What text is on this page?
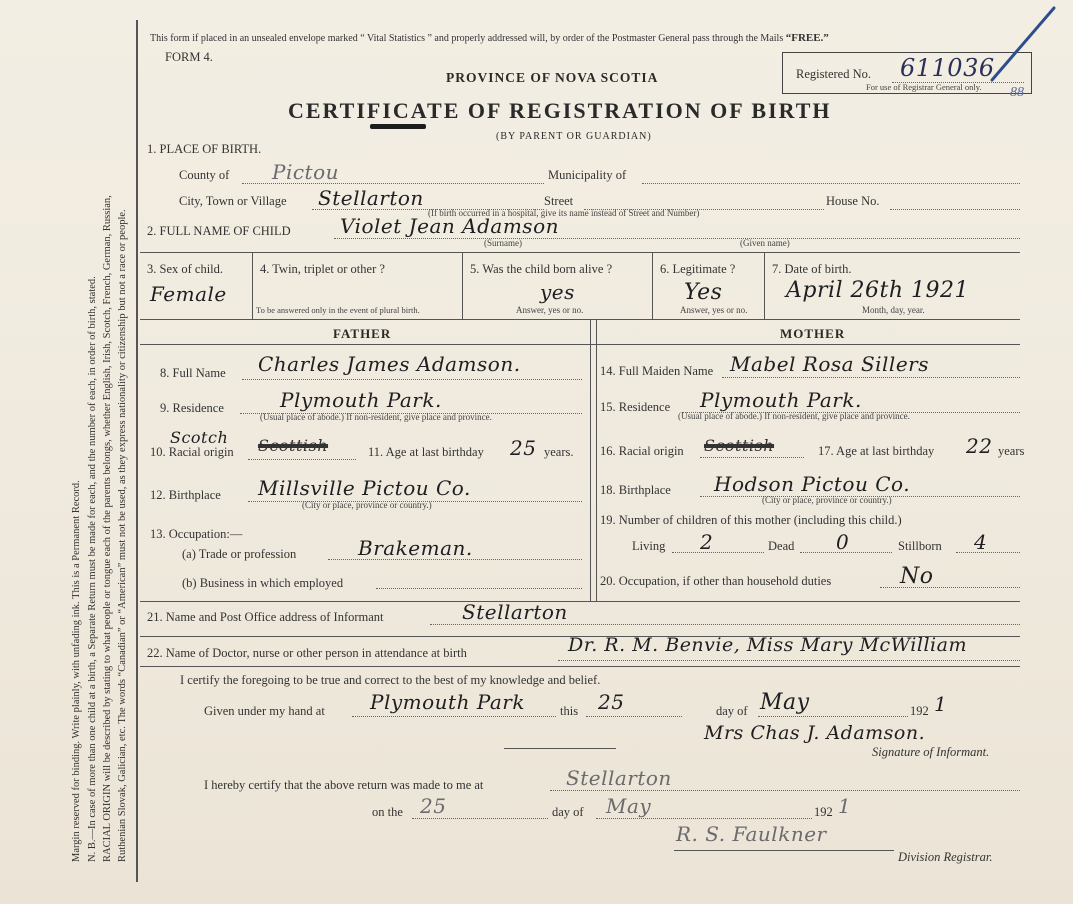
Margin reserved for binding. Write plainly, with unfading ink. This is a Permanent Record. N. B.—In case of more than one child at a birth, a Separate Return must be made for each, and the number of each, in order of birth, stated. RACIAL ORIGIN will be described by stating to what people or tongue each of the parents belongs, whether English, Irish, Scotch, French, German, Russian, Ruthenian Slovak, Galician, etc. The words “Canadian” or “American” must not be used, as they express nationality or citizenship but not a race or people.
This form if placed in an unsealed envelope marked “ Vital Statistics ” and properly addressed will, by order of the Postmaster General pass through the Mails “FREE.”
FORM 4.
PROVINCE OF NOVA SCOTIA
CERTIFICATE OF REGISTRATION OF BIRTH
(BY PARENT OR GUARDIAN)
Registered No. 611036
For use of Registrar General only. 88
1. PLACE OF BIRTH.
County of Pictou	Municipality of
City, Town or Village Stellarton	Street	House No.
(If birth occurred in a hospital, give its name instead of Street and Number)
2. FULL NAME OF CHILD Violet Jean Adamson
(Surname)	(Given name)
3. Sex of child.
Female
4. Twin, triplet or other ?
To be answered only in the event of plural birth.
5. Was the child born alive ?
yes
Answer, yes or no.
6. Legitimate ?
Yes
Answer, yes or no.
7. Date of birth.
April 26th 1921
Month, day, year.
FATHER	MOTHER
8. Full Name Charles James Adamson.
9. Residence	Plymouth Park.
(Usual place of abode.) If non-resident, give place and province.
Scotch
10. Racial origin Scottish	11. Age at last birthday 25 years.
12. Birthplace Millsville Pictou Co.
(City or place, province or country.)
13. Occupation:—
(a) Trade or profession	Brakeman.
(b) Business in which employed
14. Full Maiden Name Mabel Rosa Sillers
15. Residence Plymouth Park.
(Usual place of abode.) If non-resident, give place and province.
16. Racial origin Scottish	17. Age at last birthday 22 years
18. Birthplace Hodson Pictou Co.
(City or place, province or country.)
19. Number of children of this mother (including this child.)
Living 2	Dead 0	Stillborn 4
20. Occupation, if other than household duties	No
21. Name and Post Office address of Informant	Stellarton
22. Name of Doctor, nurse or other person in attendance at birth	Dr. R. M. Benvie, Miss Mary McWilliam
I certify the foregoing to be true and correct to the best of my knowledge and belief.
Given under my hand at Plymouth Park	this 25	day of May	192 1
Mrs Chas J. Adamson.
Signature of Informant.
I hereby certify that the above return was made to me at	Stellarton
on the 25	day of May	192 1
R. S. Faulkner
Division Registrar.
